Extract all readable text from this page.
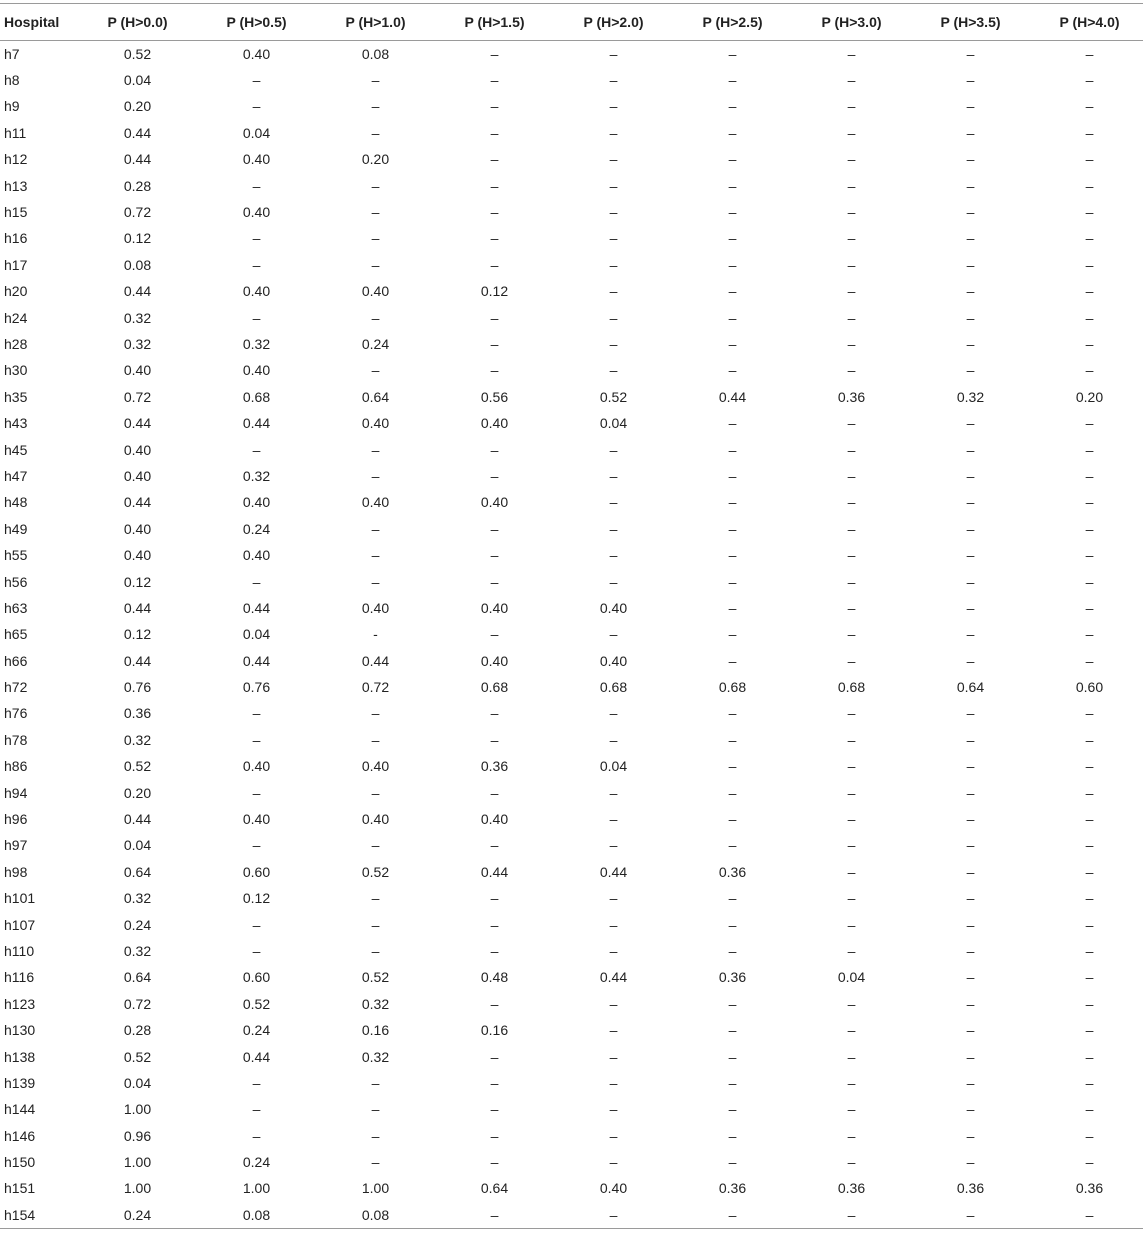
Hospital	P (H>0.0)	P (H>0.5)	P (H>1.0)	P (H>1.5)	P (H>2.0)	P (H>2.5)	P (H>3.0)	P (H>3.5)	P (H>4.0)
h7	0.52	0.40	0.08	–	–	–	–	–	–
h8	0.04	–	–	–	–	–	–	–	–
h9	0.20	–	–	–	–	–	–	–	–
h11	0.44	0.04	–	–	–	–	–	–	–
h12	0.44	0.40	0.20	–	–	–	–	–	–
h13	0.28	–	–	–	–	–	–	–	–
h15	0.72	0.40	–	–	–	–	–	–	–
h16	0.12	–	–	–	–	–	–	–	–
h17	0.08	–	–	–	–	–	–	–	–
h20	0.44	0.40	0.40	0.12	–	–	–	–	–
h24	0.32	–	–	–	–	–	–	–	–
h28	0.32	0.32	0.24	–	–	–	–	–	–
h30	0.40	0.40	–	–	–	–	–	–	–
h35	0.72	0.68	0.64	0.56	0.52	0.44	0.36	0.32	0.20
h43	0.44	0.44	0.40	0.40	0.04	–	–	–	–
h45	0.40	–	–	–	–	–	–	–	–
h47	0.40	0.32	–	–	–	–	–	–	–
h48	0.44	0.40	0.40	0.40	–	–	–	–	–
h49	0.40	0.24	–	–	–	–	–	–	–
h55	0.40	0.40	–	–	–	–	–	–	–
h56	0.12	–	–	–	–	–	–	–	–
h63	0.44	0.44	0.40	0.40	0.40	–	–	–	–
h65	0.12	0.04	-	–	–	–	–	–	–
h66	0.44	0.44	0.44	0.40	0.40	–	–	–	–
h72	0.76	0.76	0.72	0.68	0.68	0.68	0.68	0.64	0.60
h76	0.36	–	–	–	–	–	–	–	–
h78	0.32	–	–	–	–	–	–	–	–
h86	0.52	0.40	0.40	0.36	0.04	–	–	–	–
h94	0.20	–	–	–	–	–	–	–	–
h96	0.44	0.40	0.40	0.40	–	–	–	–	–
h97	0.04	–	–	–	–	–	–	–	–
h98	0.64	0.60	0.52	0.44	0.44	0.36	–	–	–
h101	0.32	0.12	–	–	–	–	–	–	–
h107	0.24	–	–	–	–	–	–	–	–
h110	0.32	–	–	–	–	–	–	–	–
h116	0.64	0.60	0.52	0.48	0.44	0.36	0.04	–	–
h123	0.72	0.52	0.32	–	–	–	–	–	–
h130	0.28	0.24	0.16	0.16	–	–	–	–	–
h138	0.52	0.44	0.32	–	–	–	–	–	–
h139	0.04	–	–	–	–	–	–	–	–
h144	1.00	–	–	–	–	–	–	–	–
h146	0.96	–	–	–	–	–	–	–	–
h150	1.00	0.24	–	–	–	–	–	–	–
h151	1.00	1.00	1.00	0.64	0.40	0.36	0.36	0.36	0.36
h154	0.24	0.08	0.08	–	–	–	–	–	–
